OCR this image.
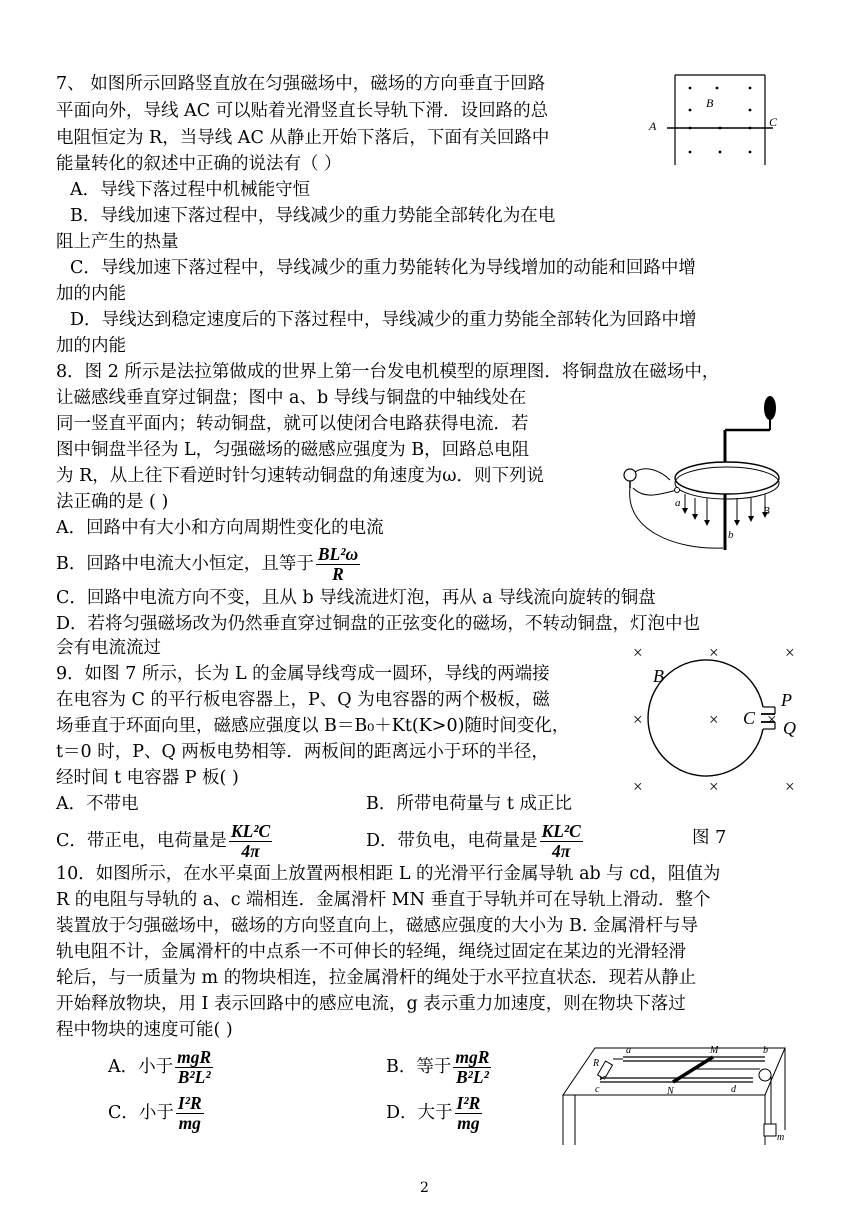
7、 如图所示回路竖直放在匀强磁场中，磁场的方向垂直于回路
平面向外，导线 AC 可以贴着光滑竖直长导轨下滑．设回路的总
电阻恒定为 R，当导线 AC 从静止开始下落后，下面有关回路中
能量转化的叙述中正确的说法有（ ）
A．导线下落过程中机械能守恒
B．导线加速下落过程中，导线减少的重力势能全部转化为在电
阻上产生的热量
C．导线加速下落过程中，导线减少的重力势能转化为导线增加的动能和回路中增
加的内能
D．导线达到稳定速度后的下落过程中，导线减少的重力势能全部转化为回路中增
加的内能
B
A	C
8．图 2 所示是法拉第做成的世界上第一台发电机模型的原理图．将铜盘放在磁场中，
让磁感线垂直穿过铜盘；图中 a、b 导线与铜盘的中轴线处在
同一竖直平面内；转动铜盘，就可以使闭合电路获得电流．若
图中铜盘半径为 L，匀强磁场的磁感应强度为 B，回路总电阻
为 R，从上往下看逆时针匀速转动铜盘的角速度为ω．则下列说
法正确的是 ( )
A．回路中有大小和方向周期性变化的电流
B．回路中电流大小恒定，且等于 $\frac{\text{BL²ω}}{R}$
C．回路中电流方向不变，且从 b 导线流进灯泡，再从 a 导线流向旋转的铜盘
D．若将匀强磁场改为仍然垂直穿过铜盘的正弦变化的磁场，不转动铜盘，灯泡中也
会有电流流过
a
b
B
9．如图 7 所示，长为 L 的金属导线弯成一圆环，导线的两端接
在电容为 C 的平行板电容器上，P、Q 为电容器的两个极板，磁
场垂直于环面向里，磁感应强度以 B＝B₀＋Kt(K>0)随时间变化，
t＝0 时，P、Q 两板电势相等．两板间的距离远小于环的半径，
经时间 t 电容器 P 板( )
A．不带电	B．所带电荷量与 t 成正比
C．带正电，电荷量是 $\frac{\text{KL²C}}{4\pi}$	D．带负电，电荷量是 $\frac{\text{KL²C}}{4\pi}$	图 7
×	×	×
×	×	×
×	×	×
B
C
P
Q
10．如图所示，在水平桌面上放置两根相距 L 的光滑平行金属导轨 ab 与 cd，阻值为
R 的电阻与导轨的 a、c 端相连．金属滑杆 MN 垂直于导轨并可在导轨上滑动．整个
装置放于匀强磁场中，磁场的方向竖直向上，磁感应强度的大小为 B. 金属滑杆与导
轨电阻不计，金属滑杆的中点系一不可伸长的轻绳，绳绕过固定在某边的光滑轻滑
轮后，与一质量为 m 的物块相连，拉金属滑杆的绳处于水平拉直状态．现若从静止
开始释放物块，用 I 表示回路中的感应电流，g 表示重力加速度，则在物块下落过
程中物块的速度可能( )
A．小于 $\frac{\text{mgR}}{\text{B²L²}}$	B．等于 $\frac{\text{mgR}}{\text{B²L²}}$
C．小于 $\frac{\text{I²R}}{mg}$	D．大于 $\frac{\text{I²R}}{mg}$
a	b
c	d
M
N
R
m
2
